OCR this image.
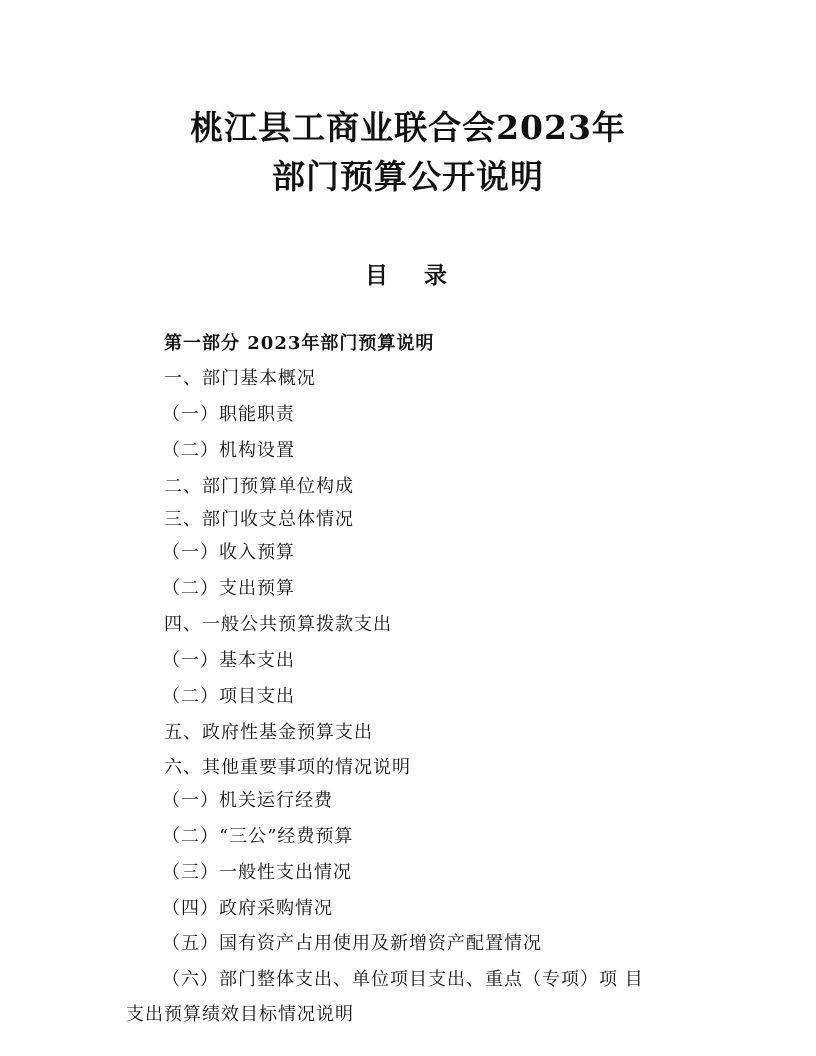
桃江县工商业联合会2023年
部门预算公开说明
目 录
第一部分 2023年部门预算说明
一、部门基本概况
（一）职能职责
（二）机构设置
二、部门预算单位构成
三、部门收支总体情况
（一）收入预算
（二）支出预算
四、一般公共预算拨款支出
（一）基本支出
（二）项目支出
五、政府性基金预算支出
六、其他重要事项的情况说明
（一）机关运行经费
（二）“三公”经费预算
（三）一般性支出情况
（四）政府采购情况
（五）国有资产占用使用及新增资产配置情况
（六）部门整体支出、单位项目支出、重点（专项）项 目
支出预算绩效目标情况说明
